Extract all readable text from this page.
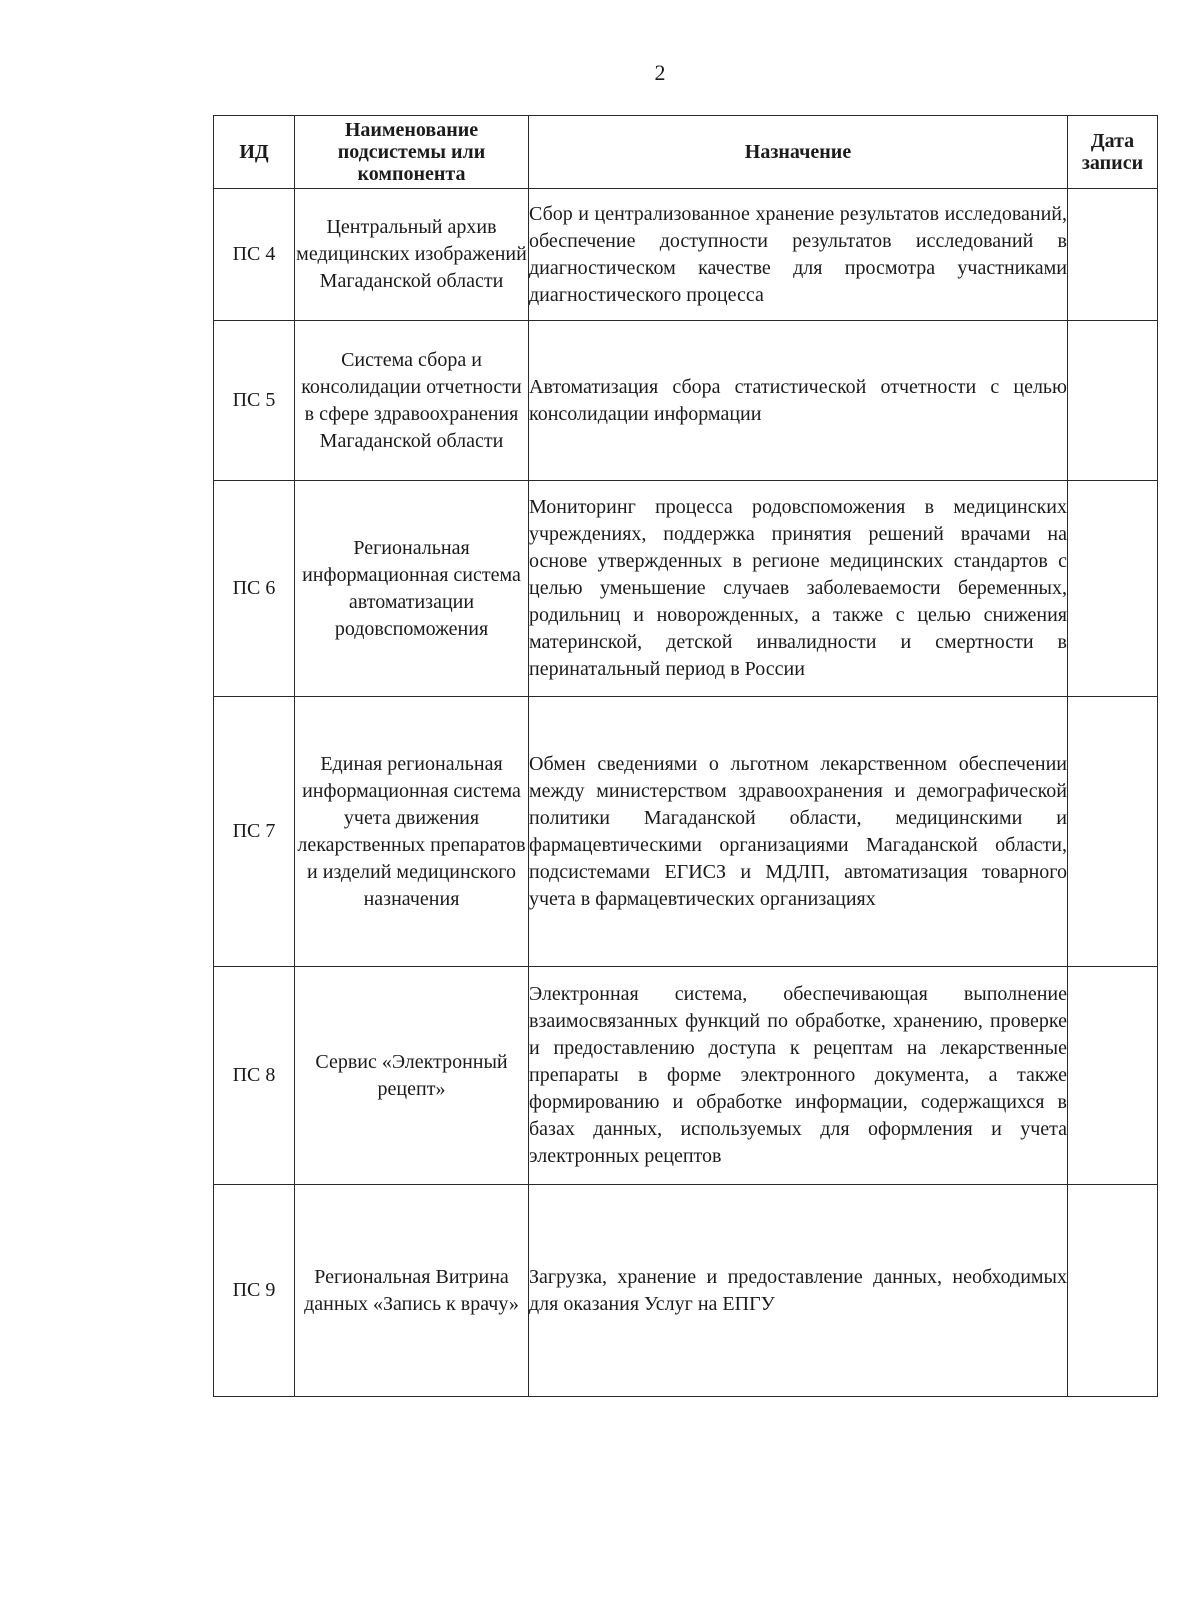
2
ИД	Наименование подсистемы или компонента	Назначение	Дата записи
ПС 4	Центральный архив медицинских изображений Магаданской области	Сбор и централизованное хранение результатов исследований, обеспечение доступности результатов исследований в диагностическом качестве для просмотра участниками диагностического процесса	
ПС 5	Система сбора и консолидации отчетности в сфере здравоохранения Магаданской области	Автоматизация сбора статистической отчетности с целью консолидации информации	
ПС 6	Региональная информационная система автоматизации родовспоможения	Мониторинг процесса родовспоможения в медицинских учреждениях, поддержка принятия решений врачами на основе утвержденных в регионе медицинских стандартов с целью уменьшение случаев заболеваемости беременных, родильниц и новорожденных, а также с целью снижения материнской, детской инвалидности и смертности в перинатальный период в России	
ПС 7	Единая региональная информационная система учета движения лекарственных препаратов и изделий медицинского назначения	Обмен сведениями о льготном лекарственном обеспечении между министерством здравоохранения и демографической политики Магаданской области, медицинскими и фармацевтическими организациями Магаданской области, подсистемами ЕГИСЗ и МДЛП, автоматизация товарного учета в фармацевтических организациях	
ПС 8	Сервис «Электронный рецепт»	Электронная система, обеспечивающая выполнение взаимосвязанных функций по обработке, хранению, проверке и предоставлению доступа к рецептам на лекарственные препараты в форме электронного документа, а также формированию и обработке информации, содержащихся в базах данных, используемых для оформления и учета электронных рецептов	
ПС 9	Региональная Витрина данных «Запись к врачу»	Загрузка, хранение и предоставление данных, необходимых для оказания Услуг на ЕПГУ	
